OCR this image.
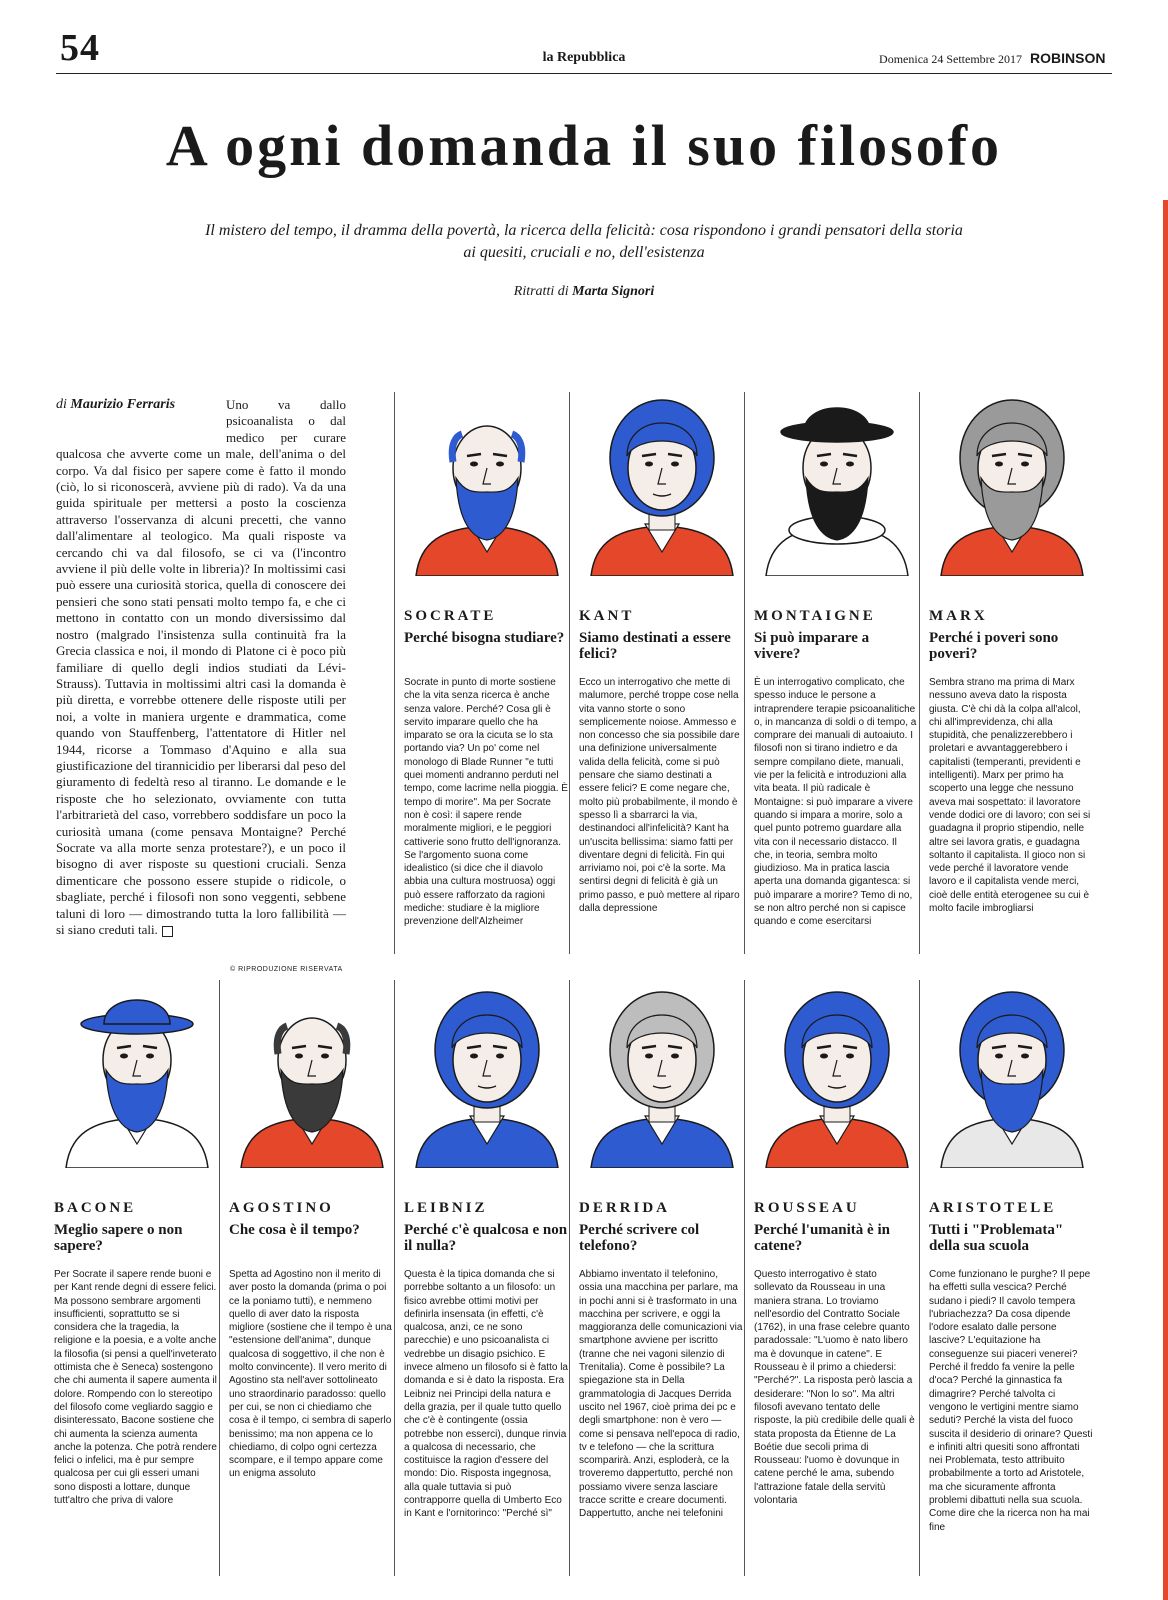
54	la Repubblica	Domenica 24 Settembre 2017 ROBINSON
A ogni domanda il suo filosofo
Il mistero del tempo, il dramma della povertà, la ricerca della felicità: cosa rispondono i grandi pensatori della storia ai quesiti, cruciali e no, dell'esistenza
Ritratti di Marta Signori
Uno va dallo psicoanalista o dal medico per curare qualcosa che avverte come un male, dell'anima o del corpo. Va dal fisico per sapere come è fatto il mondo (ciò, lo si riconoscerà, avviene più di rado). Va da una guida spirituale per mettersi a posto la coscienza attraverso l'osservanza di alcuni precetti, che vanno dall'alimentare al teologico. Ma quali risposte va cercando chi va dal filosofo, se ci va (l'incontro avviene il più delle volte in libreria)? In moltissimi casi può essere una curiosità storica, quella di conoscere dei pensieri che sono stati pensati molto tempo fa, e che ci mettono in contatto con un mondo diversissimo dal nostro (malgrado l'insistenza sulla continuità fra la Grecia classica e noi, il mondo di Platone ci è poco più familiare di quello degli indios studiati da Lévi-Strauss). Tuttavia in moltissimi altri casi la domanda è più diretta, e vorrebbe ottenere delle risposte utili per noi, a volte in maniera urgente e drammatica, come quando von Stauffenberg, l'attentatore di Hitler nel 1944, ricorse a Tommaso d'Aquino e alla sua giustificazione del tirannicidio per liberarsi dal peso del giuramento di fedeltà reso al tiranno. Le domande e le risposte che ho selezionato, ovviamente con tutta l'arbitrarietà del caso, vorrebbero soddisfare un poco la curiosità umana (come pensava Montaigne? Perché Socrate va alla morte senza protestare?), e un poco il bisogno di aver risposte su questioni cruciali. Senza dimenticare che possono essere stupide o ridicole, o sbagliate, perché i filosofi non sono veggenti, sebbene taluni di loro — dimostrando tutta la loro fallibilità — si siano creduti tali.
di Maurizio Ferraris
© RIPRODUZIONE RISERVATA
SOCRATE
Perché bisogna studiare?
Socrate in punto di morte sostiene che la vita senza ricerca è anche senza valore. Perché? Cosa gli è servito imparare quello che ha imparato se ora la cicuta se lo sta portando via? Un po' come nel monologo di Blade Runner "e tutti quei momenti andranno perduti nel tempo, come lacrime nella pioggia. È tempo di morire". Ma per Socrate non è così: il sapere rende moralmente migliori, e le peggiori cattiverie sono frutto dell'ignoranza. Se l'argomento suona come idealistico (si dice che il diavolo abbia una cultura mostruosa) oggi può essere rafforzato da ragioni mediche: studiare è la migliore prevenzione dell'Alzheimer
KANT
Siamo destinati a essere felici?
Ecco un interrogativo che mette di malumore, perché troppe cose nella vita vanno storte o sono semplicemente noiose. Ammesso e non concesso che sia possibile dare una definizione universalmente valida della felicità, come si può pensare che siamo destinati a essere felici? E come negare che, molto più probabilmente, il mondo è spesso lì a sbarrarci la via, destinandoci all'infelicità? Kant ha un'uscita bellissima: siamo fatti per diventare degni di felicità. Fin qui arriviamo noi, poi c'è la sorte. Ma sentirsi degni di felicità è già un primo passo, e può mettere al riparo dalla depressione
MONTAIGNE
Si può imparare a vivere?
È un interrogativo complicato, che spesso induce le persone a intraprendere terapie psicoanalitiche o, in mancanza di soldi o di tempo, a comprare dei manuali di autoaiuto. I filosofi non si tirano indietro e da sempre compilano diete, manuali, vie per la felicità e introduzioni alla vita beata. Il più radicale è Montaigne: si può imparare a vivere quando si impara a morire, solo a quel punto potremo guardare alla vita con il necessario distacco. Il che, in teoria, sembra molto giudizioso. Ma in pratica lascia aperta una domanda gigantesca: si può imparare a morire? Temo di no, se non altro perché non si capisce quando e come esercitarsi
MARX
Perché i poveri sono poveri?
Sembra strano ma prima di Marx nessuno aveva dato la risposta giusta. C'è chi dà la colpa all'alcol, chi all'imprevidenza, chi alla stupidità, che penalizzerebbero i proletari e avvantaggerebbero i capitalisti (temperanti, previdenti e intelligenti). Marx per primo ha scoperto una legge che nessuno aveva mai sospettato: il lavoratore vende dodici ore di lavoro; con sei si guadagna il proprio stipendio, nelle altre sei lavora gratis, e guadagna soltanto il capitalista. Il gioco non si vede perché il lavoratore vende lavoro e il capitalista vende merci, cioè delle entità eterogenee su cui è molto facile imbrogliarsi
BACONE
Meglio sapere o non sapere?
Per Socrate il sapere rende buoni e per Kant rende degni di essere felici. Ma possono sembrare argomenti insufficienti, soprattutto se si considera che la tragedia, la religione e la poesia, e a volte anche la filosofia (si pensi a quell'inveterato ottimista che è Seneca) sostengono che chi aumenta il sapere aumenta il dolore. Rompendo con lo stereotipo del filosofo come vegliardo saggio e disinteressato, Bacone sostiene che chi aumenta la scienza aumenta anche la potenza. Che potrà rendere felici o infelici, ma è pur sempre qualcosa per cui gli esseri umani sono disposti a lottare, dunque tutt'altro che priva di valore
AGOSTINO
Che cosa è il tempo?
Spetta ad Agostino non il merito di aver posto la domanda (prima o poi ce la poniamo tutti), e nemmeno quello di aver dato la risposta migliore (sostiene che il tempo è una "estensione dell'anima", dunque qualcosa di soggettivo, il che non è molto convincente). Il vero merito di Agostino sta nell'aver sottolineato uno straordinario paradosso: quello per cui, se non ci chiediamo che cosa è il tempo, ci sembra di saperlo benissimo; ma non appena ce lo chiediamo, di colpo ogni certezza scompare, e il tempo appare come un enigma assoluto
LEIBNIZ
Perché c'è qualcosa e non il nulla?
Questa è la tipica domanda che si porrebbe soltanto a un filosofo: un fisico avrebbe ottimi motivi per definirla insensata (in effetti, c'è qualcosa, anzi, ce ne sono parecchie) e uno psicoanalista ci vedrebbe un disagio psichico. E invece almeno un filosofo si è fatto la domanda e si è dato la risposta. Era Leibniz nei Principi della natura e della grazia, per il quale tutto quello che c'è è contingente (ossia potrebbe non esserci), dunque rinvia a qualcosa di necessario, che costituisce la ragion d'essere del mondo: Dio. Risposta ingegnosa, alla quale tuttavia si può contrapporre quella di Umberto Eco in Kant e l'ornitorinco: "Perché sì"
DERRIDA
Perché scrivere col telefono?
Abbiamo inventato il telefonino, ossia una macchina per parlare, ma in pochi anni si è trasformato in una macchina per scrivere, e oggi la maggioranza delle comunicazioni via smartphone avviene per iscritto (tranne che nei vagoni silenzio di Trenitalia). Come è possibile? La spiegazione sta in Della grammatologia di Jacques Derrida uscito nel 1967, cioè prima dei pc e degli smartphone: non è vero — come si pensava nell'epoca di radio, tv e telefono — che la scrittura scomparirà. Anzi, esploderà, ce la troveremo dappertutto, perché non possiamo vivere senza lasciare tracce scritte e creare documenti. Dappertutto, anche nei telefonini
ROUSSEAU
Perché l'umanità è in catene?
Questo interrogativo è stato sollevato da Rousseau in una maniera strana. Lo troviamo nell'esordio del Contratto Sociale (1762), in una frase celebre quanto paradossale: "L'uomo è nato libero ma è dovunque in catene". E Rousseau è il primo a chiedersi: "Perché?". La risposta però lascia a desiderare: "Non lo so". Ma altri filosofi avevano tentato delle risposte, la più credibile delle quali è stata proposta da Étienne de La Boétie due secoli prima di Rousseau: l'uomo è dovunque in catene perché le ama, subendo l'attrazione fatale della servitù volontaria
ARISTOTELE
Tutti i "Problemata" della sua scuola
Come funzionano le purghe? Il pepe ha effetti sulla vescica? Perché sudano i piedi? Il cavolo tempera l'ubriachezza? Da cosa dipende l'odore esalato dalle persone lascive? L'equitazione ha conseguenze sui piaceri venerei? Perché il freddo fa venire la pelle d'oca? Perché la ginnastica fa dimagrire? Perché talvolta ci vengono le vertigini mentre siamo seduti? Perché la vista del fuoco suscita il desiderio di orinare? Questi e infiniti altri quesiti sono affrontati nei Problemata, testo attribuito probabilmente a torto ad Aristotele, ma che sicuramente affronta problemi dibattuti nella sua scuola. Come dire che la ricerca non ha mai fine
